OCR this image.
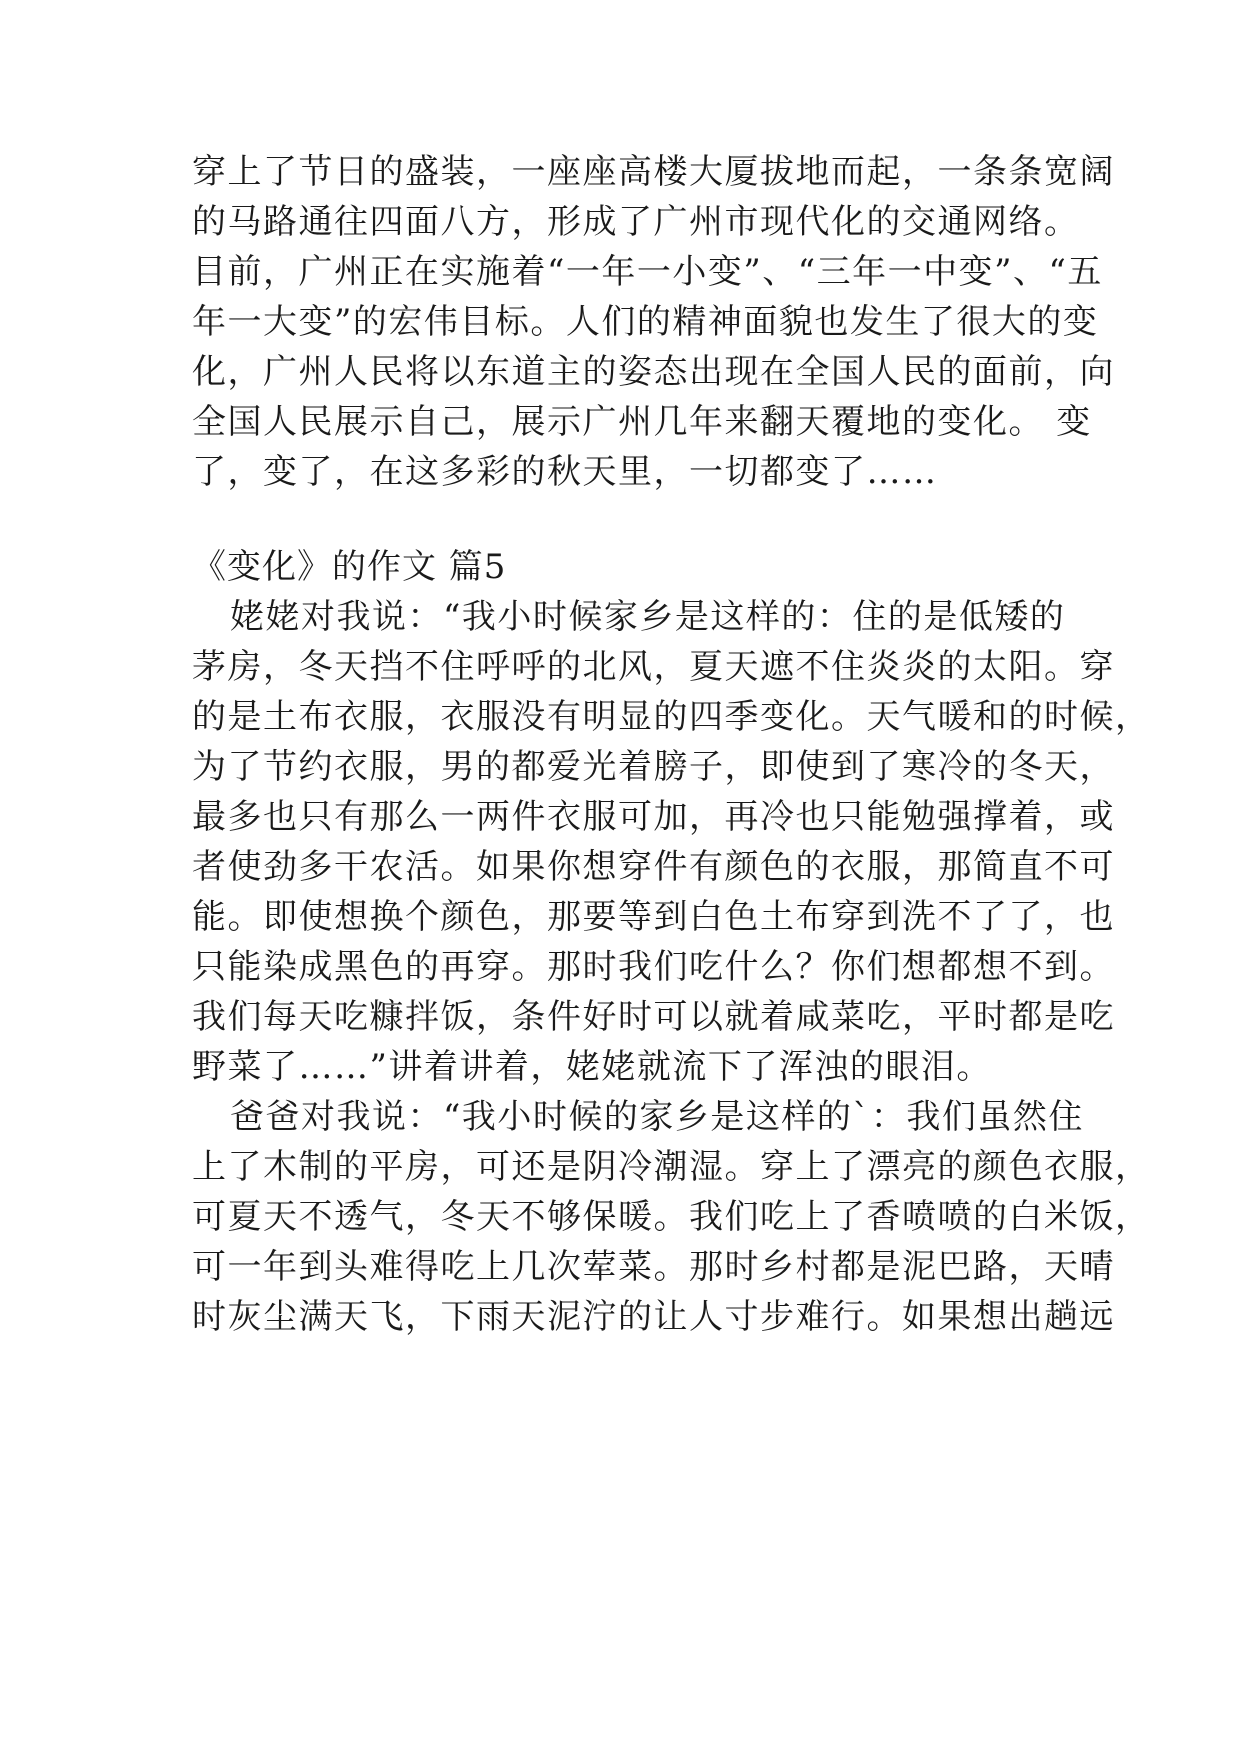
穿上了节日的盛装，一座座高楼大厦拔地而起，一条条宽阔
的马路通往四面八方，形成了广州市现代化的交通网络。
目前，广州正在实施着“一年一小变”、“三年一中变”、“五
年一大变”的宏伟目标。人们的精神面貌也发生了很大的变
化，广州人民将以东道主的姿态出现在全国人民的面前，向
全国人民展示自己，展示广州几年来翻天覆地的变化。 变
了，变了，在这多彩的秋天里，一切都变了……
《变化》的作文 篇5
姥姥对我说：“我小时候家乡是这样的：住的是低矮的
茅房，冬天挡不住呼呼的北风，夏天遮不住炎炎的太阳。穿
的是土布衣服，衣服没有明显的四季变化。天气暖和的时候，
为了节约衣服，男的都爱光着膀子，即使到了寒冷的冬天，
最多也只有那么一两件衣服可加，再冷也只能勉强撑着，或
者使劲多干农活。如果你想穿件有颜色的衣服，那简直不可
能。即使想换个颜色，那要等到白色土布穿到洗不了了，也
只能染成黑色的再穿。那时我们吃什么？你们想都想不到。
我们每天吃糠拌饭，条件好时可以就着咸菜吃，平时都是吃
野菜了……”讲着讲着，姥姥就流下了浑浊的眼泪。
爸爸对我说：“我小时候的家乡是这样的`：我们虽然住
上了木制的平房，可还是阴冷潮湿。穿上了漂亮的颜色衣服，
可夏天不透气，冬天不够保暖。我们吃上了香喷喷的白米饭，
可一年到头难得吃上几次荤菜。那时乡村都是泥巴路，天晴
时灰尘满天飞，下雨天泥泞的让人寸步难行。如果想出趟远
